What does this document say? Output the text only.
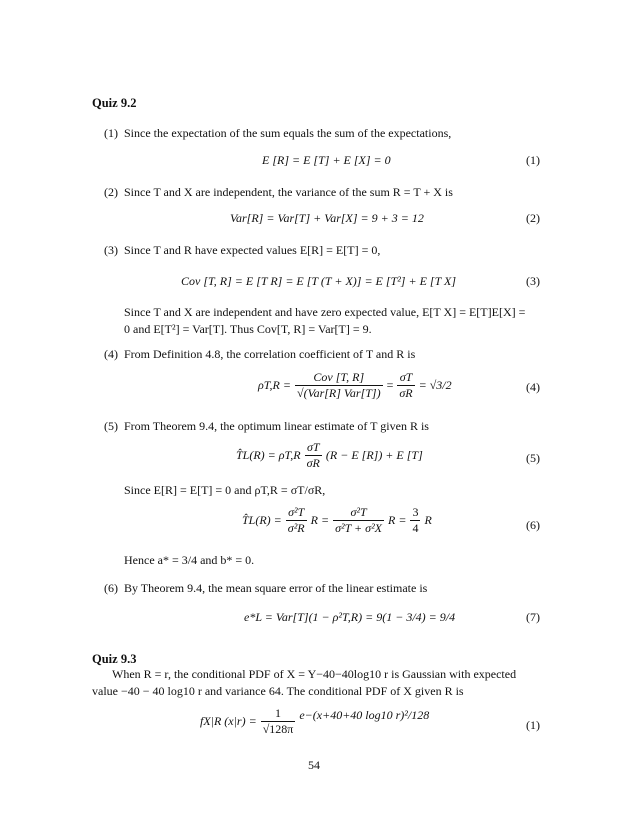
Quiz 9.2
(1) Since the expectation of the sum equals the sum of the expectations,
E [R] = E [T] + E [X] = 0	(1)
(2) Since T and X are independent, the variance of the sum R = T + X is
Var[R] = Var[T] + Var[X] = 9 + 3 = 12	(2)
(3) Since T and R have expected values E[R] = E[T] = 0,
Cov [T, R] = E [T R] = E [T (T + X)] = E [T²] + E [T X]	(3)
Since T and X are independent and have zero expected value, E[T X] = E[T]E[X] =
0 and E[T²] = Var[T]. Thus Cov[T, R] = Var[T] = 9.
(4) From Definition 4.8, the correlation coefficient of T and R is
$\rho T,R = \frac{\text{Cov [T, R]}}{\text{√(Var[R] Var[T])}} = \frac{\sigma T}{\sigma R} = √3/2$	(4)
(5) From Theorem 9.4, the optimum linear estimate of T given R is
T̂L(R) = $\rho T,R \frac{\sigma T}{\sigma R} (R - E$ [R]) + E [T]	(5)
Since E[R] = E[T] = 0 and ρT,R = σT/σR,
T̂L(R) = $\frac{\text{σ²T}}{\text{σ²R}}$ $R = \frac{\text{σ²T}}{\text{σ²T + σ²X}}$ $R = \frac{3}{4}$ R	(6)
Hence a* = 3/4 and b* = 0.
(6) By Theorem 9.4, the mean square error of the linear estimate is
e*L = Var[T](1 − ρ²T,R) = 9(1 − 3/4) = 9/4	(7)
Quiz 9.3
When R = r, the conditional PDF of X = Y−40−40log10 r is Gaussian with expected
value −40 − 40 log10 r and variance 64. The conditional PDF of X given R is
fX|R $(x|r) = \frac{1}{√128\pi} e-(x+40+40$ log10 r)²/128
(1)
54
